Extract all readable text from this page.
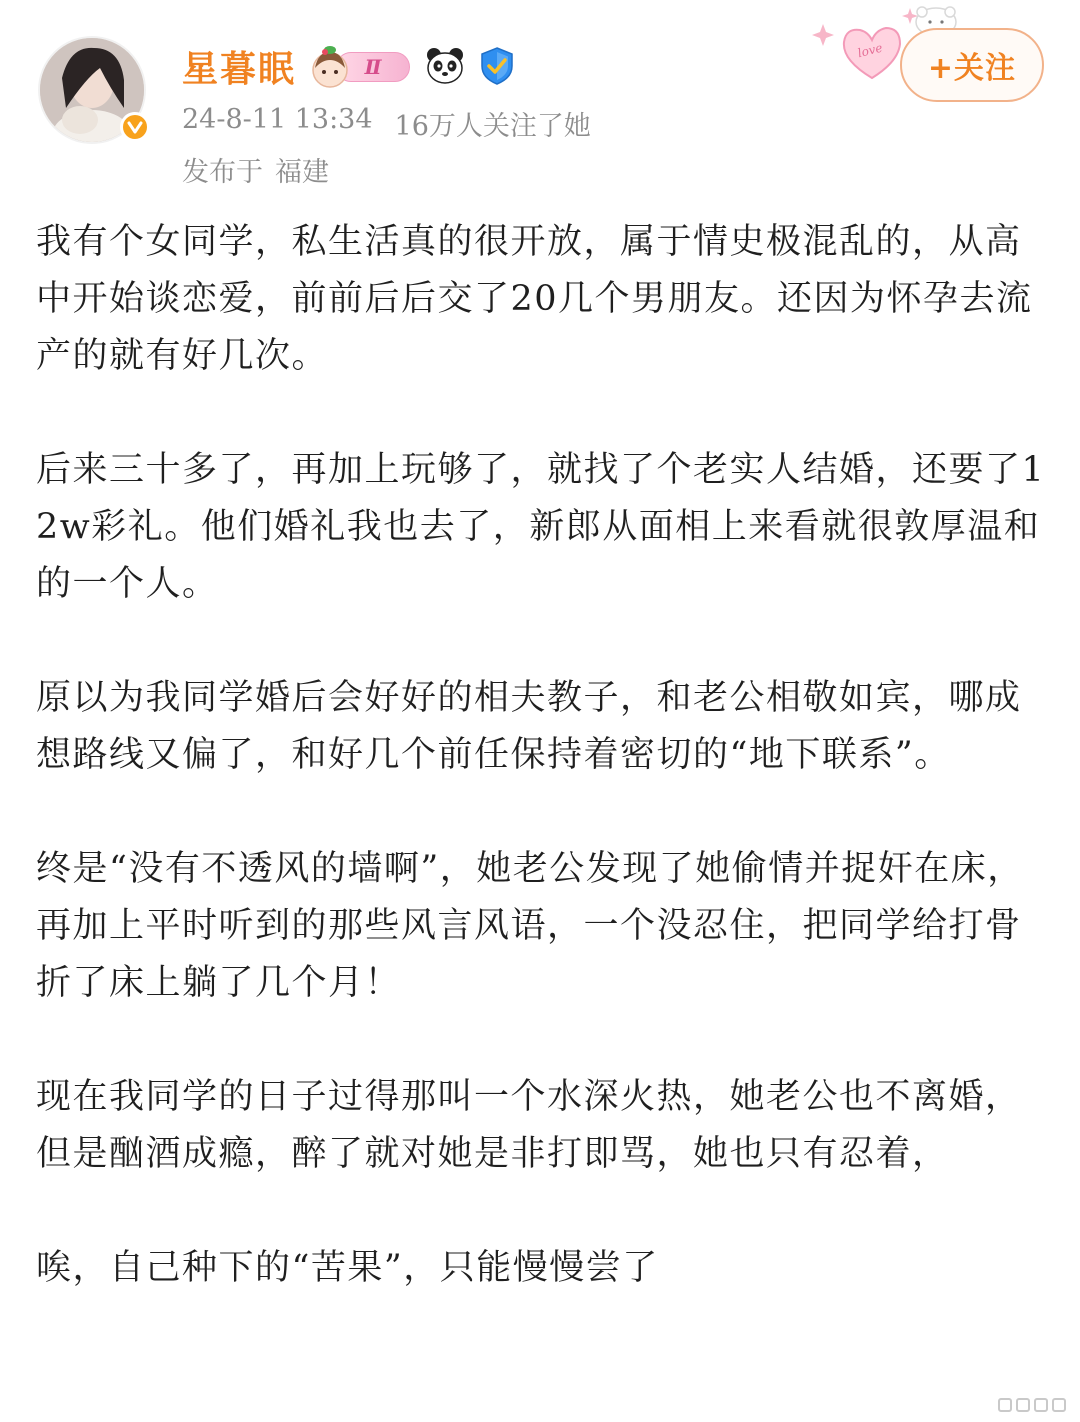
星暮眠	Ⅱ
24-8-11 13:34 16万人关注了她
发布于 福建
love
+关注

我有个女同学，私生活真的很开放，属于情史极混乱的，从高中开始谈恋爱，前前后后交了20几个男朋友。还因为怀孕去流产的就有好几次。

后来三十多了，再加上玩够了，就找了个老实人结婚，还要了12w彩礼。他们婚礼我也去了，新郎从面相上来看就很敦厚温和的一个人。

原以为我同学婚后会好好的相夫教子，和老公相敬如宾，哪成想路线又偏了，和好几个前任保持着密切的“地下联系”。

终是“没有不透风的墙啊”，她老公发现了她偷情并捉奸在床，再加上平时听到的那些风言风语，一个没忍住，把同学给打骨折了床上躺了几个月！

现在我同学的日子过得那叫一个水深火热，她老公也不离婚，但是酗酒成瘾，醉了就对她是非打即骂，她也只有忍着，

唉，自己种下的“苦果”，只能慢慢尝了
